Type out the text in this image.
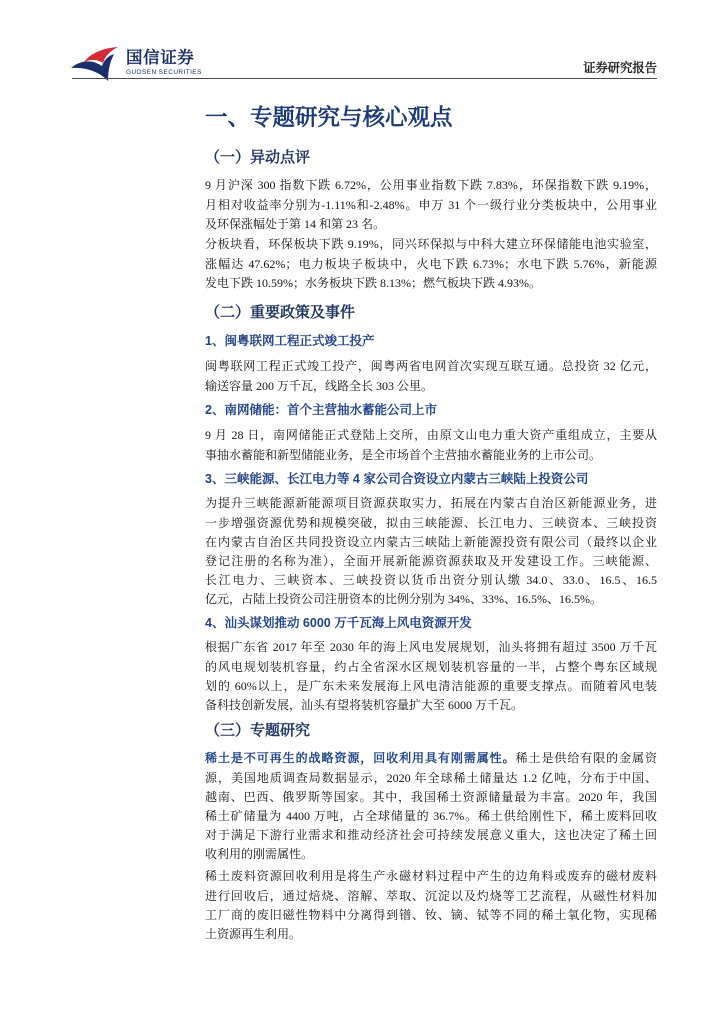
国信证券
GUOSEN SECURITIES	证券研究报告
一、专题研究与核心观点
（一）异动点评
9 月沪深 300 指数下跌 6.72%，公用事业指数下跌 7.83%，环保指数下跌 9.19%，
月相对收益率分别为-1.11%和-2.48%。申万 31 个一级行业分类板块中，公用事业
及环保涨幅处于第 14 和第 23 名。
分板块看，环保板块下跌 9.19%，同兴环保拟与中科大建立环保储能电池实验室，
涨幅达 47.62%；电力板块子板块中，火电下跌 6.73%；水电下跌 5.76%，新能源
发电下跌 10.59%；水务板块下跌 8.13%；燃气板块下跌 4.93%。
（二）重要政策及事件
1、闽粤联网工程正式竣工投产
闽粤联网工程正式竣工投产，闽粤两省电网首次实现互联互通。总投资 32 亿元，
输送容量 200 万千瓦，线路全长 303 公里。
2、南网储能：首个主营抽水蓄能公司上市
9 月 28 日，南网储能正式登陆上交所，由原文山电力重大资产重组成立，主要从
事抽水蓄能和新型储能业务，是全市场首个主营抽水蓄能业务的上市公司。
3、三峡能源、长江电力等 4 家公司合资设立内蒙古三峡陆上投资公司
为提升三峡能源新能源项目资源获取实力，拓展在内蒙古自治区新能源业务，进
一步增强资源优势和规模突破，拟由三峡能源、长江电力、三峡资本、三峡投资
在内蒙古自治区共同投资设立内蒙古三峡陆上新能源投资有限公司（最终以企业
登记注册的名称为准），全面开展新能源资源获取及开发建设工作。三峡能源、
长江电力、三峡资本、三峡投资以货币出资分别认缴 34.0、33.0、16.5、16.5
亿元，占陆上投资公司注册资本的比例分别为 34%、33%、16.5%、16.5%。
4、汕头谋划推动 6000 万千瓦海上风电资源开发
根据广东省 2017 年至 2030 年的海上风电发展规划，汕头将拥有超过 3500 万千瓦
的风电规划装机容量，约占全省深水区规划装机容量的一半，占整个粤东区域规
划的 60%以上，是广东未来发展海上风电清洁能源的重要支撑点。而随着风电装
备科技创新发展，汕头有望将装机容量扩大至 6000 万千瓦。
（三）专题研究
稀土是不可再生的战略资源，回收利用具有刚需属性。稀土是供给有限的金属资
源，美国地质调查局数据显示，2020 年全球稀土储量达 1.2 亿吨，分布于中国、
越南、巴西、俄罗斯等国家。其中，我国稀土资源储量最为丰富。2020 年，我国
稀土矿储量为 4400 万吨，占全球储量的 36.7%。稀土供给刚性下，稀土废料回收
对于满足下游行业需求和推动经济社会可持续发展意义重大，这也决定了稀土回
收利用的刚需属性。
稀土废料资源回收利用是将生产永磁材料过程中产生的边角料或废弃的磁材废料
进行回收后，通过焙烧、溶解、萃取、沉淀以及灼烧等工艺流程，从磁性材料加
工厂商的废旧磁性物料中分离得到镨、钕、镝、铽等不同的稀土氧化物，实现稀
土资源再生利用。
